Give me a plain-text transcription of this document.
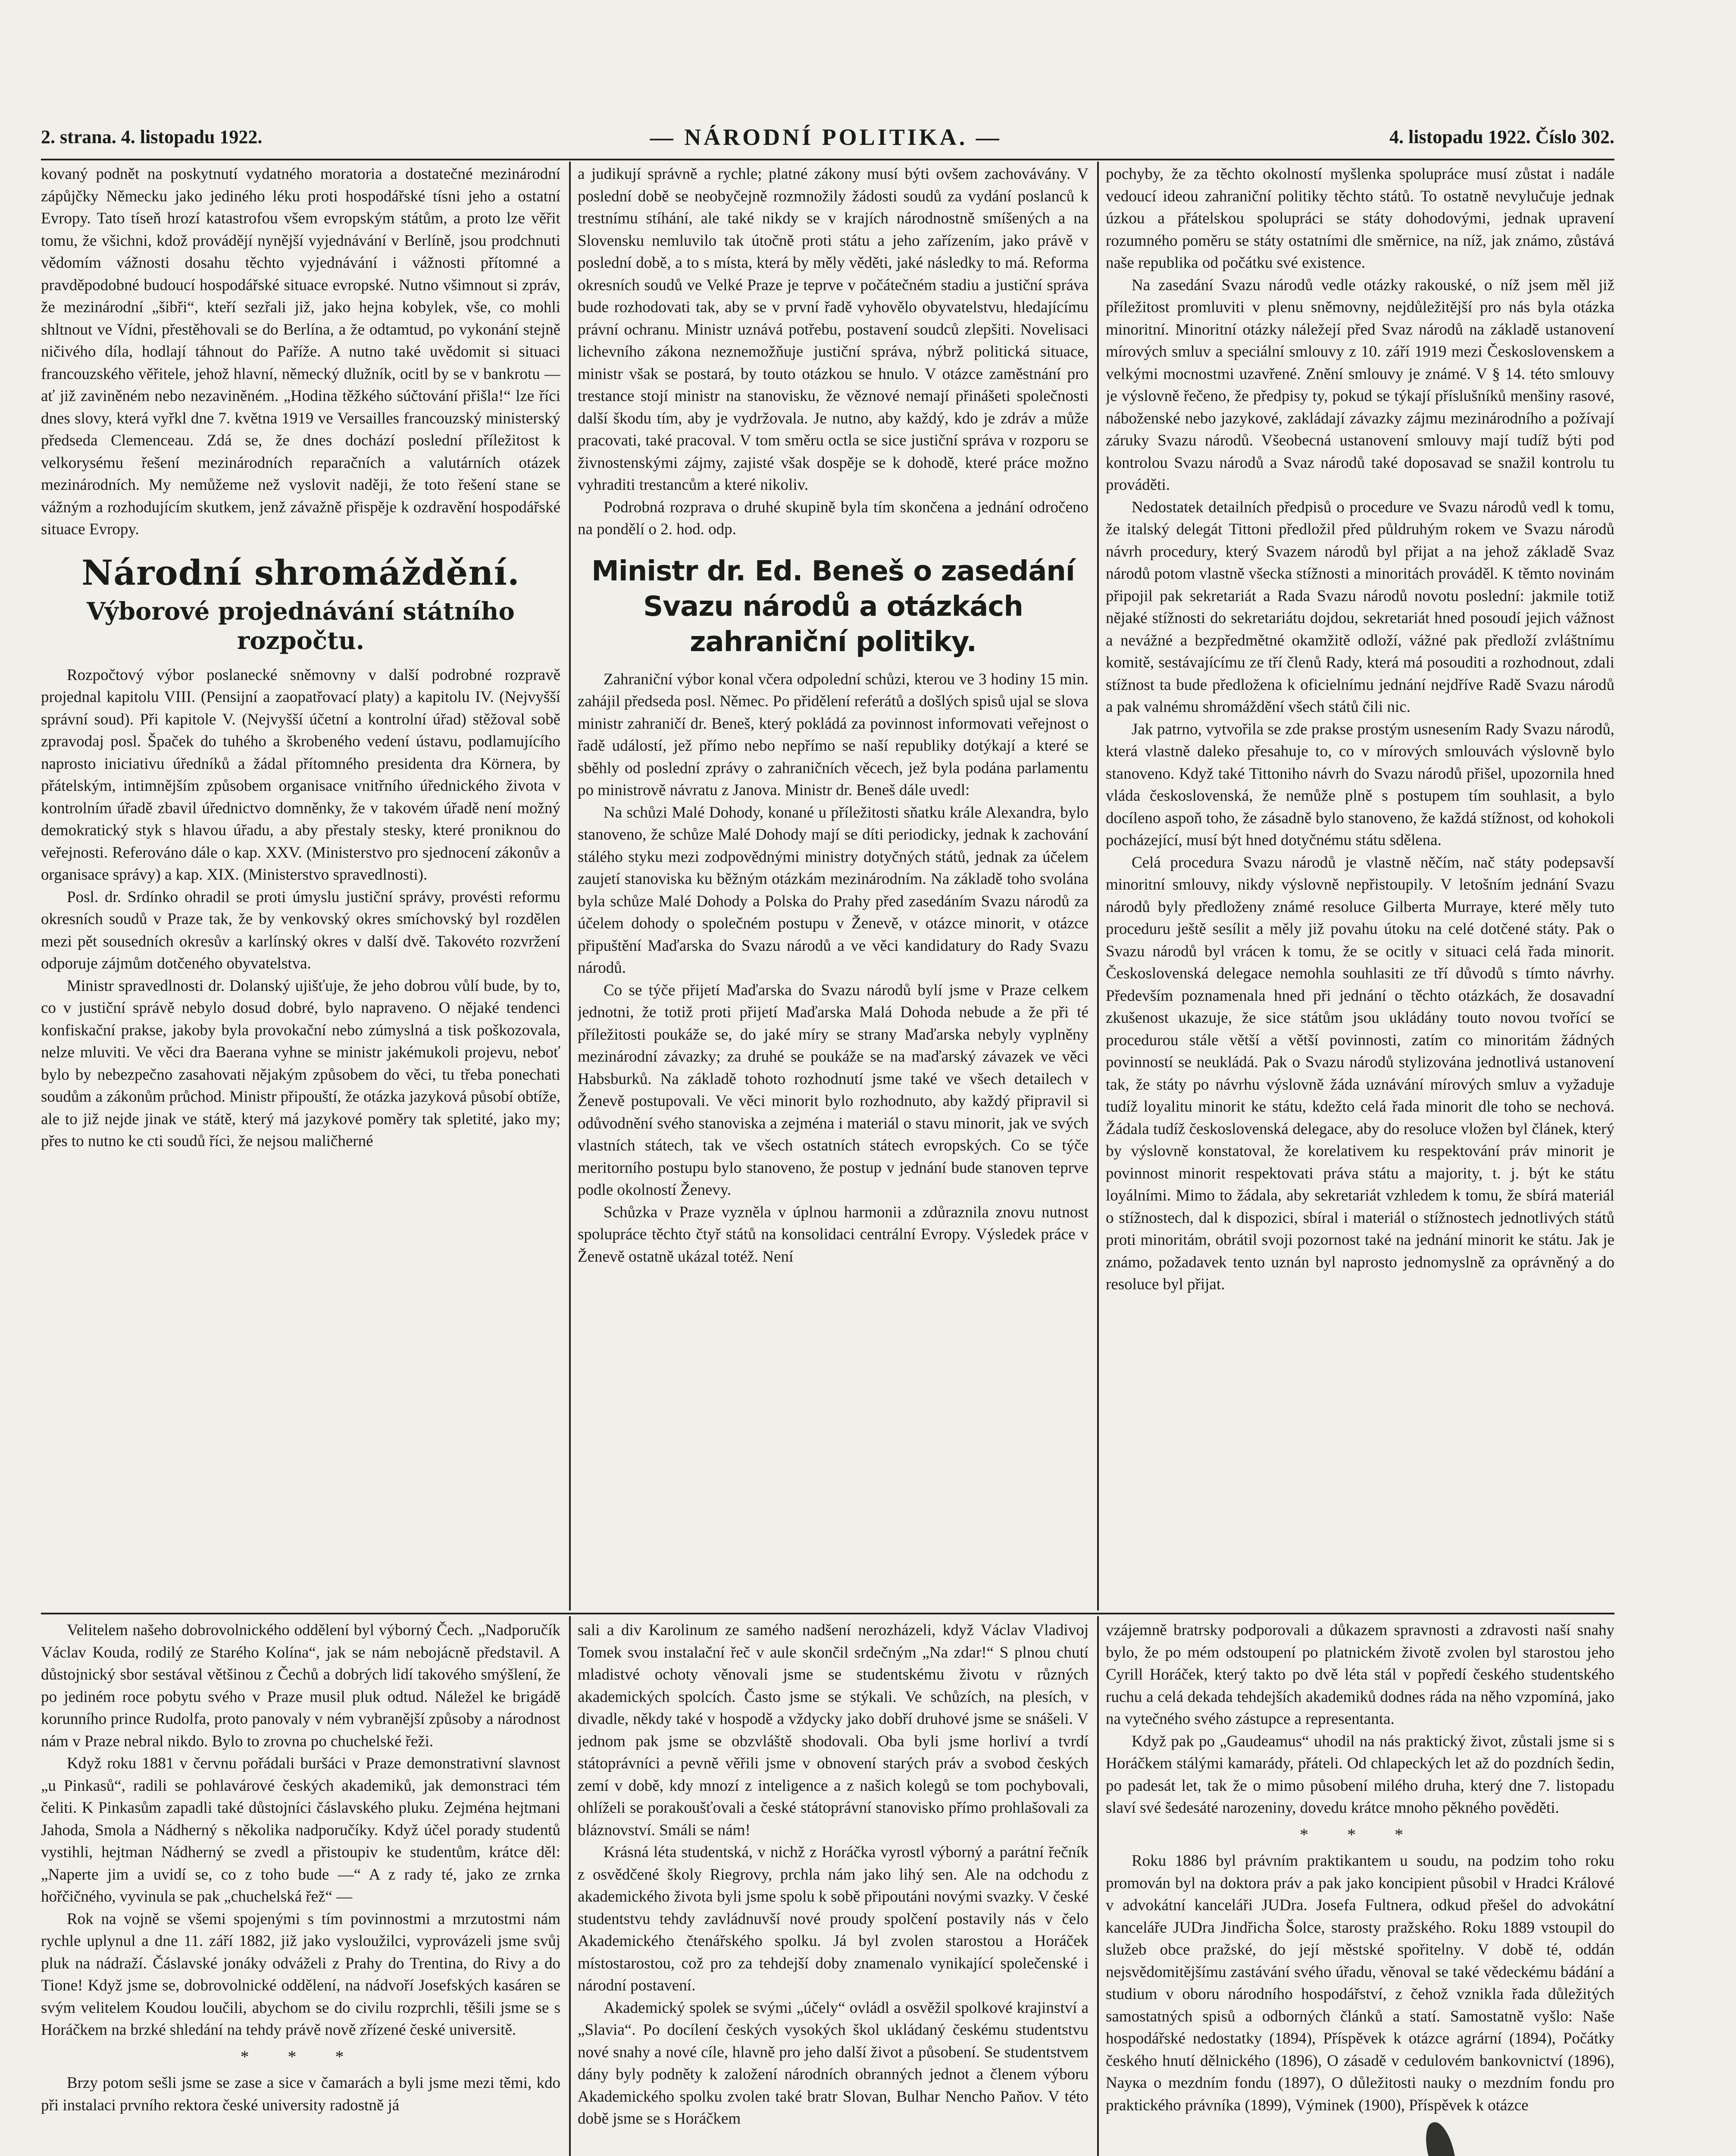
2. strana. 4. listopadu 1922.	— NÁRODNÍ POLITIKA. —	4. listopadu 1922. Číslo 302.

kovaný podnět na poskytnutí vydatného moratoria a dostatečné mezinárodní zápůjčky Německu jako jediného léku proti hospodářské tísni jeho a ostatní Evropy. Tato tíseň hrozí katastrofou všem evropským státům, a proto lze věřit tomu, že všichni, kdož provádějí nynější vyjednávání v Berlíně, jsou prodchnuti vědomím vážnosti dosahu těchto vyjednávání i vážnosti přítomné a pravděpodobné budoucí hospodářské situace evropské. Nutno všimnout si zpráv, že mezinárodní „šibři“, kteří sezřali již, jako hejna kobylek, vše, co mohli shltnout ve Vídni, přestěhovali se do Berlína, a že odtamtud, po vykonání stejně ničivého díla, hodlají táhnout do Paříže. A nutno také uvědomit si situaci francouzského věřitele, jehož hlavní, německý dlužník, ocitl by se v bankrotu — ať již zaviněném nebo nezaviněném. „Hodina těžkého súčtování přišla!“ lze říci dnes slovy, která vyřkl dne 7. května 1919 ve Versailles francouzský ministerský předseda Clemenceau. Zdá se, že dnes dochází poslední příležitost k velkorysému řešení mezinárodních reparačních a valutárních otázek mezinárodních. My nemůžeme než vyslovit naději, že toto řešení stane se vážným a rozhodujícím skutkem, jenž závažně přispěje k ozdravění hospodářské situace Evropy.

Národní shromáždění.
Výborové projednávání státního rozpočtu.

Rozpočtový výbor poslanecké sněmovny v další podrobné rozpravě projednal kapitolu VIII. (Pensijní a zaopatřovací platy) a kapitolu IV. (Nejvyšší správní soud). Při kapitole V. (Nejvyšší účetní a kontrolní úřad) stěžoval sobě zpravodaj posl. Špaček do tuhého a škrobeného vedení ústavu, podlamujícího naprosto iniciativu úředníků a žádal přítomného presidenta dra Körnera, by přátelským, intimnějším způsobem organisace vnitřního úřednického života v kontrolním úřadě zbavil úřednictvo domněnky, že v takovém úřadě není možný demokratický styk s hlavou úřadu, a aby přestaly stesky, které proniknou do veřejnosti. Referováno dále o kap. XXV. (Ministerstvo pro sjednocení zákonův a organisace správy) a kap. XIX. (Ministerstvo spravedlnosti).

Posl. dr. Srdínko ohradil se proti úmyslu justiční správy, provésti reformu okresních soudů v Praze tak, že by venkovský okres smíchovský byl rozdělen mezi pět sousedních okresův a karlínský okres v další dvě. Takovéto rozvržení odporuje zájmům dotčeného obyvatelstva.

Ministr spravedlnosti dr. Dolanský ujišťuje, že jeho dobrou vůlí bude, by to, co v justiční správě nebylo dosud dobré, bylo napraveno. O nějaké tendenci konfiskační prakse, jakoby byla provokační nebo zúmyslná a tisk poškozovala, nelze mluviti. Ve věci dra Baerana vyhne se ministr jakémukoli projevu, neboť bylo by nebezpečno zasahovati nějakým způsobem do věci, tu třeba ponechati soudům a zákonům průchod. Ministr připouští, že otázka jazyková působí obtíže, ale to již nejde jinak ve státě, který má jazykové poměry tak spletité, jako my; přes to nutno ke cti soudů říci, že nejsou maličherné

a judikují správně a rychle; platné zákony musí býti ovšem zachovávány. V poslední době se neobyčejně rozmnožily žádosti soudů za vydání poslanců k trestnímu stíhání, ale také nikdy se v krajích národnostně smíšených a na Slovensku nemluvilo tak útočně proti státu a jeho zařízením, jako právě v poslední době, a to s místa, která by měly věděti, jaké následky to má. Reforma okresních soudů ve Velké Praze je teprve v počátečném stadiu a justiční správa bude rozhodovati tak, aby se v první řadě vyhovělo obyvatelstvu, hledajícímu právní ochranu. Ministr uznává potřebu, postavení soudců zlepšiti. Novelisaci lichevního zákona neznemožňuje justiční správa, nýbrž politická situace, ministr však se postará, by touto otázkou se hnulo. V otázce zaměstnání pro trestance stojí ministr na stanovisku, že věznové nemají přinášeti společnosti další škodu tím, aby je vydržovala. Je nutno, aby každý, kdo je zdráv a může pracovati, také pracoval. V tom směru octla se sice justiční správa v rozporu se živnostenskými zájmy, zajisté však dospěje se k dohodě, které práce možno vyhraditi trestancům a které nikoliv.

Podrobná rozprava o druhé skupině byla tím skončena a jednání odročeno na pondělí o 2. hod. odp.

Ministr dr. Ed. Beneš o zasedání Svazu národů a otázkách zahraniční politiky.

Zahraniční výbor konal včera odpolední schůzi, kterou ve 3 hodiny 15 min. zahájil předseda posl. Němec. Po přidělení referátů a došlých spisů ujal se slova ministr zahraničí dr. Beneš, který pokládá za povinnost informovati veřejnost o řadě událostí, jež přímo nebo nepřímo se naší republiky dotýkají a které se sběhly od poslední zprávy o zahraničních věcech, jež byla podána parlamentu po ministrově návratu z Janova. Ministr dr. Beneš dále uvedl:

Na schůzi Malé Dohody, konané u příležitosti sňatku krále Alexandra, bylo stanoveno, že schůze Malé Dohody mají se díti periodicky, jednak k zachování stálého styku mezi zodpovědnými ministry dotyčných států, jednak za účelem zaujetí stanoviska ku běžným otázkám mezinárodním. Na základě toho svolána byla schůze Malé Dohody a Polska do Prahy před zasedáním Svazu národů za účelem dohody o společném postupu v Ženevě, v otázce minorit, v otázce připuštění Maďarska do Svazu národů a ve věci kandidatury do Rady Svazu národů.

Co se týče přijetí Maďarska do Svazu národů bylí jsme v Praze celkem jednotni, že totiž proti přijetí Maďarska Malá Dohoda nebude a že při té příležitosti poukáže se, do jaké míry se strany Maďarska nebyly vyplněny mezinárodní závazky; za druhé se poukáže se na maďarský závazek ve věci Habsburků. Na základě tohoto rozhodnutí jsme také ve všech detailech v Ženevě postupovali. Ve věci minorit bylo rozhodnuto, aby každý připravil si odůvodnění svého stanoviska a zejména i materiál o stavu minorit, jak ve svých vlastních státech, tak ve všech ostatních státech evropských. Co se týče meritorního postupu bylo stanoveno, že postup v jednání bude stanoven teprve podle okolností Ženevy.

Schůzka v Praze vyzněla v úplnou harmonii a zdůraznila znovu nutnost spolupráce těchto čtyř států na konsolidaci centrální Evropy. Výsledek práce v Ženevě ostatně ukázal totéž. Není

pochyby, že za těchto okolností myšlenka spolupráce musí zůstat i nadále vedoucí ideou zahraniční politiky těchto států. To ostatně nevylučuje jednak úzkou a přátelskou spolupráci se státy dohodovými, jednak upravení rozumného poměru se státy ostatními dle směrnice, na níž, jak známo, zůstává naše republika od počátku své existence.

Na zasedání Svazu národů vedle otázky rakouské, o níž jsem měl již příležitost promluviti v plenu sněmovny, nejdůležitější pro nás byla otázka minoritní. Minoritní otázky náležejí před Svaz národů na základě ustanovení mírových smluv a speciální smlouvy z 10. září 1919 mezi Československem a velkými mocnostmi uzavřené. Znění smlouvy je známé. V § 14. této smlouvy je výslovně řečeno, že předpisy ty, pokud se týkají příslušníků menšiny rasové, náboženské nebo jazykové, zakládají závazky zájmu mezinárodního a požívají záruky Svazu národů. Všeobecná ustanovení smlouvy mají tudíž býti pod kontrolou Svazu národů a Svaz národů také doposavad se snažil kontrolu tu prováděti.

Nedostatek detailních předpisů o procedure ve Svazu národů vedl k tomu, že italský delegát Tittoni předložil před půldruhým rokem ve Svazu národů návrh procedury, který Svazem národů byl přijat a na jehož základě Svaz národů potom vlastně všecka stížnosti a minoritách prováděl. K těmto novinám připojil pak sekretariát a Rada Svazu národů novotu poslední: jakmile totiž nějaké stížnosti do sekretariátu dojdou, sekretariát hned posoudí jejich vážnost a nevážné a bezpředmětné okamžitě odloží, vážné pak předloží zvláštnímu komitě, sestávajícímu ze tří členů Rady, která má posouditi a rozhodnout, zdali stížnost ta bude předložena k oficielnímu jednání nejdříve Radě Svazu národů a pak valnému shromáždění všech států čili nic.

Jak patrno, vytvořila se zde prakse prostým usnesením Rady Svazu národů, která vlastně daleko přesahuje to, co v mírových smlouvách výslovně bylo stanoveno. Když také Tittoniho návrh do Svazu národů přišel, upozornila hned vláda československá, že nemůže plně s postupem tím souhlasit, a bylo docíleno aspoň toho, že zásadně bylo stanoveno, že každá stížnost, od kohokoli pocházející, musí být hned dotyčnému státu sdělena.

Celá procedura Svazu národů je vlastně něčím, nač státy podepsavší minoritní smlouvy, nikdy výslovně nepřistoupily. V letošním jednání Svazu národů byly předloženy známé resoluce Gilberta Murraye, které měly tuto proceduru ještě sesílit a měly již povahu útoku na celé dotčené státy. Pak o Svazu národů byl vrácen k tomu, že se ocitly v situaci celá řada minorit. Československá delegace nemohla souhlasiti ze tří důvodů s tímto návrhy. Především poznamenala hned při jednání o těchto otázkách, že dosavadní zkušenost ukazuje, že sice státům jsou ukládány touto novou tvořící se procedurou stále větší a větší povinnosti, zatím co minoritám žádných povinností se neukládá. Pak o Svazu národů stylizována jednotlivá ustanovení tak, že státy po návrhu výslovně žáda uznávání mírových smluv a vyžaduje tudíž loyalitu minorit ke státu, kdežto celá řada minorit dle toho se nechová. Žádala tudíž československá delegace, aby do resoluce vložen byl článek, který by výslovně konstatoval, že korelativem ku respektování práv minorit je povinnost minorit respektovati práva státu a majority, t. j. být ke státu loyálními. Mimo to žádala, aby sekretariát vzhledem k tomu, že sbírá materiál o stížnostech, dal k dispozici, sbíral i materiál o stížnostech jednotlivých států proti minoritám, obrátil svoji pozornost také na jednání minorit ke státu. Jak je známo, požadavek tento uznán byl naprosto jednomyslně za oprávněný a do resoluce byl přijat.

Velitelem našeho dobrovolnického oddělení byl výborný Čech. „Nadporučík Václav Kouda, rodilý ze Starého Kolína“, jak se nám nebojácně představil. A důstojnický sbor sestával většinou z Čechů a dobrých lidí takového smýšlení, že po jediném roce pobytu svého v Praze musil pluk odtud. Náležel ke brigádě korunního prince Rudolfa, proto panovaly v ném vybranější způsoby a národnost nám v Praze nebral nikdo. Bylo to zrovna po chuchelské řeži.

Když roku 1881 v červnu pořádali buršáci v Praze demonstrativní slavnost „u Pinkasů“, radili se pohlavárové českých akademiků, jak demonstraci tém čeliti. K Pinkasům zapadli také důstojníci čáslavského pluku. Zejména hejtmani Jahoda, Smola a Nádherný s několika nadporučíky. Když účel porady studentů vystihli, hejtman Nádherný se zvedl a přistoupiv ke studentům, krátce děl: „Naperte jim a uvidí se, co z toho bude —“ A z rady té, jako ze zrnka hořčičného, vyvinula se pak „chuchelská řež“ —

Rok na vojně se všemi spojenými s tím povinnostmi a mrzutostmi nám rychle uplynul a dne 11. září 1882, již jako vysloužilci, vyprovázeli jsme svůj pluk na nádraží. Čáslavské jonáky odváželi z Prahy do Trentina, do Rivy a do Tione! Když jsme se, dobrovolnické oddělení, na nádvoří Josefských kasáren se svým velitelem Koudou loučili, abychom se do civilu rozprchli, těšili jsme se s Horáčkem na brzké shledání na tehdy právě nově zřízené české universitě.

* * *

Brzy potom sešli jsme se zase a sice v čamarách a byli jsme mezi těmi, kdo při instalaci prvního rektora české university radostně já

sali a div Karolinum ze samého nadšení nerozházeli, když Václav Vladivoj Tomek svou instalační řeč v aule skončil srdečným „Na zdar!“ S plnou chutí mladistvé ochoty věnovali jsme se studentskému životu v různých akademických spolcích. Často jsme se stýkali. Ve schůzích, na plesích, v divadle, někdy také v hospodě a vždycky jako dobří druhové jsme se snášeli. V jednom pak jsme se obzvláště shodovali. Oba byli jsme horliví a tvrdí státoprávníci a pevně věřili jsme v obnovení starých práv a svobod českých zemí v době, kdy mnozí z inteligence a z našich kolegů se tom pochybovali, ohlíželi se porakoušťovali a české státoprávní stanovisko přímo prohlašovali za bláznovství. Smáli se nám!

Krásná léta studentská, v nichž z Horáčka vyrostl výborný a parátní řečník z osvědčené školy Riegrovy, prchla nám jako lihý sen. Ale na odchodu z akademického života byli jsme spolu k sobě připoutáni novými svazky. V české studentstvu tehdy zavládnuvší nové proudy spolčení postavily nás v čelo Akademického čtenářského spolku. Já byl zvolen starostou a Horáček místostarostou, což pro za tehdejší doby znamenalo vynikající společenské i národní postavení.

Akademický spolek se svými „účely“ ovládl a osvěžil spolkové krajinství a „Slavia“. Po docílení českých vysokých škol ukládaný českému studentstvu nové snahy a nové cíle, hlavně pro jeho další život a působení. Se studentstvem dány byly podněty k založení národních obranných jednot a členem výboru Akademického spolku zvolen také bratr Slovan, Bulhar Nencho Paňov. V této době jsme se s Horáčkem

vzájemně bratrsky podporovali a důkazem spravnosti a zdravosti naší snahy bylo, že po mém odstoupení po platnickém životě zvolen byl starostou jeho Cyrill Horáček, který takto po dvě léta stál v popředí českého studentského ruchu a celá dekada tehdejších akademiků dodnes ráda na něho vzpomíná, jako na vytečného svého zástupce a representanta.

Když pak po „Gaudeamus“ uhodil na nás praktický život, zůstali jsme si s Horáčkem stálými kamarády, přáteli. Od chlapeckých let až do pozdních šedin, po padesát let, tak že o mimo působení milého druha, který dne 7. listopadu slaví své šedesáté narozeniny, dovedu krátce mnoho pěkného pověděti.

* * *

Roku 1886 byl právním praktikantem u soudu, na podzim toho roku promován byl na doktora práv a pak jako koncipient působil v Hradci Králové v advokátní kanceláři JUDra. Josefa Fultnera, odkud přešel do advokátní kanceláře JUDra Jindřicha Šolce, starosty pražského. Roku 1889 vstoupil do služeb obce pražské, do její městské spořitelny. V době té, oddán nejsvědomitějšímu zastávání svého úřadu, věnoval se také vědeckému bádání a studium v oboru národního hospodářství, z čehož vznikla řada důležitých samostatných spisů a odborných článků a statí. Samostatně vyšlo: Naše hospodářské nedostatky (1894), Příspěvek k otázce agrární (1894), Počátky českého hnutí dělnického (1896), O zásadě v cedulovém bankovnictví (1896), Naука o mezdním fondu (1897), O důležitosti nauky o mezdním fondu pro praktického právníka (1899), Výminek (1900), Příspěvek k otázce
